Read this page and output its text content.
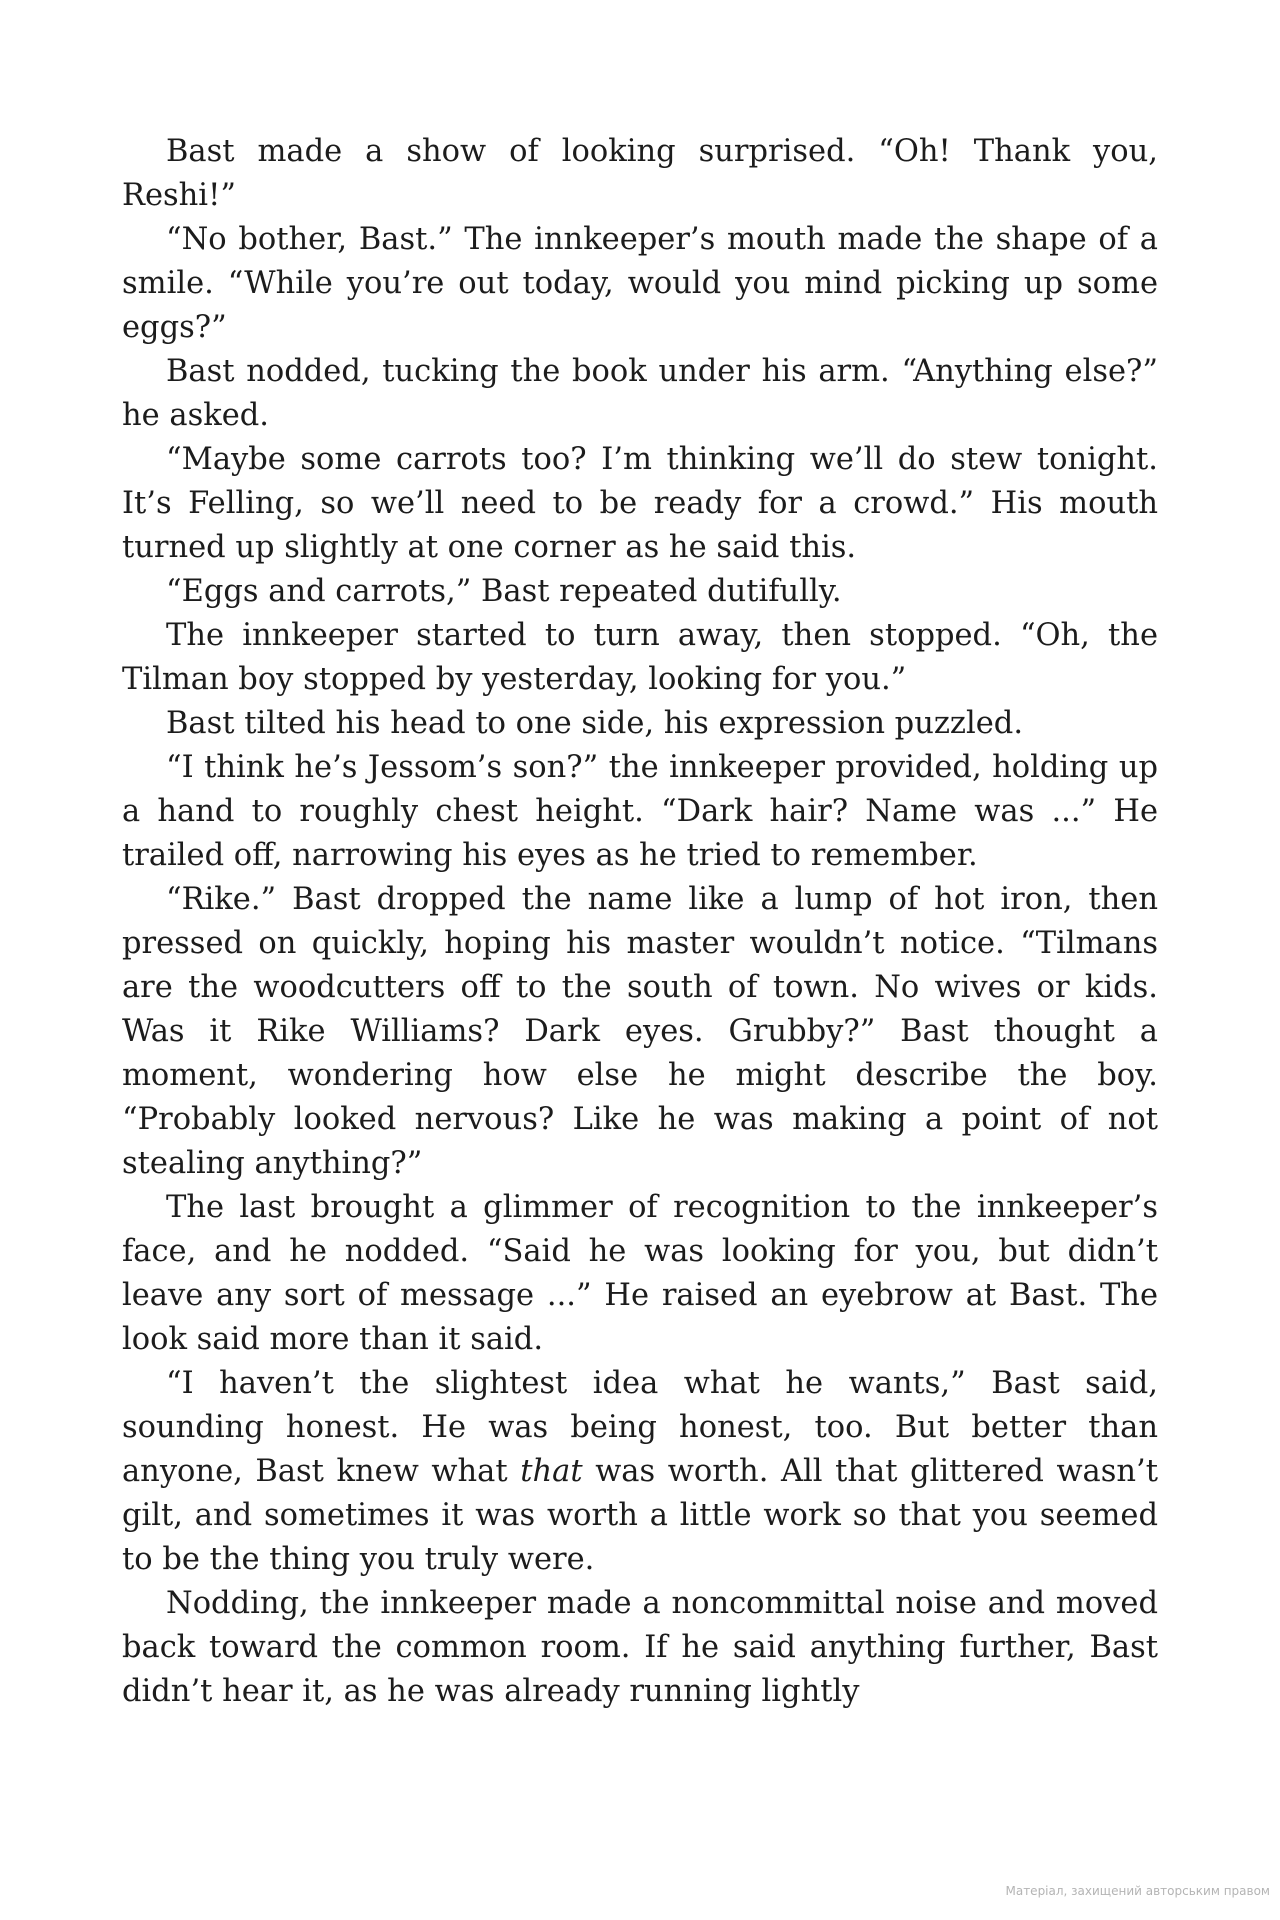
Bast made a show of looking surprised. “Oh! Thank you, Reshi!”

“No bother, Bast.” The innkeeper’s mouth made the shape of a smile. “While you’re out today, would you mind picking up some eggs?”

Bast nodded, tucking the book under his arm. “Anything else?” he asked.

“Maybe some carrots too? I’m thinking we’ll do stew tonight. It’s Felling, so we’ll need to be ready for a crowd.” His mouth turned up slightly at one corner as he said this.

“Eggs and carrots,” Bast repeated dutifully.

The innkeeper started to turn away, then stopped. “Oh, the Tilman boy stopped by yesterday, looking for you.”

Bast tilted his head to one side, his expression puzzled.

“I think he’s Jessom’s son?” the innkeeper provided, holding up a hand to roughly chest height. “Dark hair? Name was ...” He trailed off, narrowing his eyes as he tried to remember.

“Rike.” Bast dropped the name like a lump of hot iron, then pressed on quickly, hoping his master wouldn’t notice. “Tilmans are the woodcutters off to the south of town. No wives or kids. Was it Rike Williams? Dark eyes. Grubby?” Bast thought a moment, wondering how else he might describe the boy. “Probably looked nervous? Like he was making a point of not stealing anything?”

The last brought a glimmer of recognition to the innkeeper’s face, and he nodded. “Said he was looking for you, but didn’t leave any sort of message ...” He raised an eyebrow at Bast. The look said more than it said.

“I haven’t the slightest idea what he wants,” Bast said, sounding honest. He was being honest, too. But better than anyone, Bast knew what that was worth. All that glittered wasn’t gilt, and sometimes it was worth a little work so that you seemed to be the thing you truly were.

Nodding, the innkeeper made a noncommittal noise and moved back toward the common room. If he said anything further, Bast didn’t hear it, as he was already running lightly

Матеріал, захищений авторським правом
